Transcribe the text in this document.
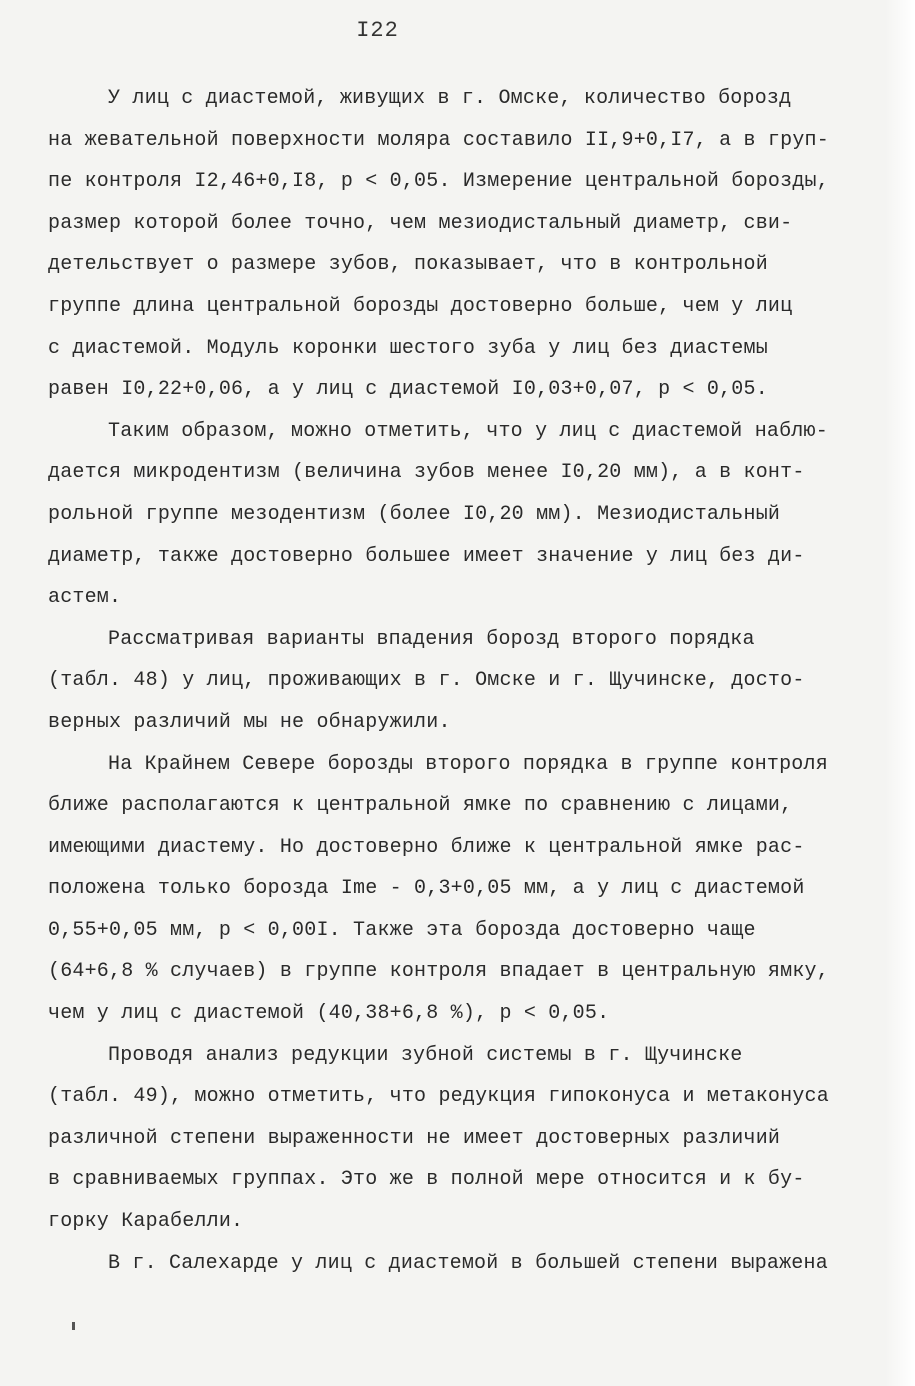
I22
У лиц с диастемой, живущих в г. Омске, количество борозд
на жевательной поверхности моляра составило II,9+0,I7, а в груп-
пе контроля I2,46+0,I8, р < 0,05. Измерение центральной борозды,
размер которой более точно, чем мезиодистальный диаметр, сви-
детельствует о размере зубов, показывает, что в контрольной
группе длина центральной борозды достоверно больше, чем у лиц
с диастемой. Модуль коронки шестого зуба у лиц без диастемы
равен I0,22+0,06, а у лиц с диастемой I0,03+0,07, р < 0,05.
Таким образом, можно отметить, что у лиц с диастемой наблю-
дается микродентизм (величина зубов менее I0,20 мм), а в конт-
рольной группе мезодентизм (более I0,20 мм). Мезиодистальный
диаметр, также достоверно большее имеет значение у лиц без ди-
астем.
Рассматривая варианты впадения борозд второго порядка
(табл. 48) у лиц, проживающих в г. Омске и г. Щучинске, досто-
верных различий мы не обнаружили.
На Крайнем Севере борозды второго порядка в группе контроля
ближе располагаются к центральной ямке по сравнению с лицами,
имеющими диастему. Но достоверно ближе к центральной ямке рас-
положена только борозда Ime - 0,3+0,05 мм, а у лиц с диастемой
0,55+0,05 мм, р < 0,00I. Также эта борозда достоверно чаще
(64+6,8 % случаев) в группе контроля впадает в центральную ямку,
чем у лиц с диастемой (40,38+6,8 %), р < 0,05.
Проводя анализ редукции зубной системы в г. Щучинске
(табл. 49), можно отметить, что редукция гипоконуса и метаконуса
различной степени выраженности не имеет достоверных различий
в сравниваемых группах. Это же в полной мере относится и к бу-
горку Карабелли.
В г. Салехарде у лиц с диастемой в большей степени выражена
